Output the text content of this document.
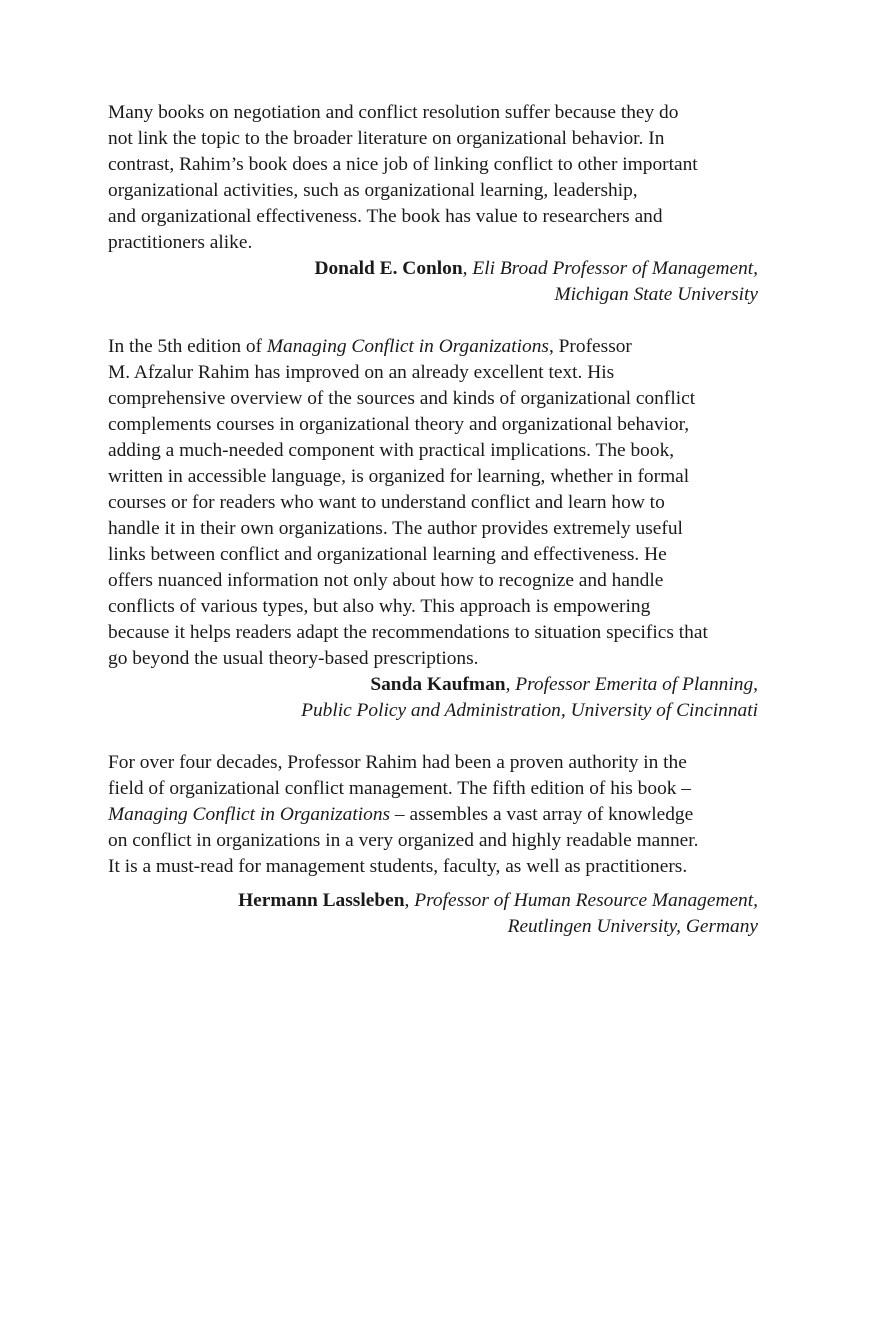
Many books on negotiation and conflict resolution suffer because they do
not link the topic to the broader literature on organizational behavior. In
contrast, Rahim’s book does a nice job of linking conflict to other important
organizational activities, such as organizational learning, leadership,
and organizational effectiveness. The book has value to researchers and
practitioners alike.
Donald E. Conlon, Eli Broad Professor of Management,
Michigan State University
In the 5th edition of Managing Conflict in Organizations, Professor
M. Afzalur Rahim has improved on an already excellent text. His
comprehensive overview of the sources and kinds of organizational conflict
complements courses in organizational theory and organizational behavior,
adding a much-needed component with practical implications. The book,
written in accessible language, is organized for learning, whether in formal
courses or for readers who want to understand conflict and learn how to
handle it in their own organizations. The author provides extremely useful
links between conflict and organizational learning and effectiveness. He
offers nuanced information not only about how to recognize and handle
conflicts of various types, but also why. This approach is empowering
because it helps readers adapt the recommendations to situation specifics that
go beyond the usual theory-based prescriptions.
Sanda Kaufman, Professor Emerita of Planning,
Public Policy and Administration, University of Cincinnati
For over four decades, Professor Rahim had been a proven authority in the
field of organizational conflict management. The fifth edition of his book –
Managing Conflict in Organizations – assembles a vast array of knowledge
on conflict in organizations in a very organized and highly readable manner.
It is a must-read for management students, faculty, as well as practitioners.
Hermann Lassleben, Professor of Human Resource Management,
Reutlingen University, Germany
